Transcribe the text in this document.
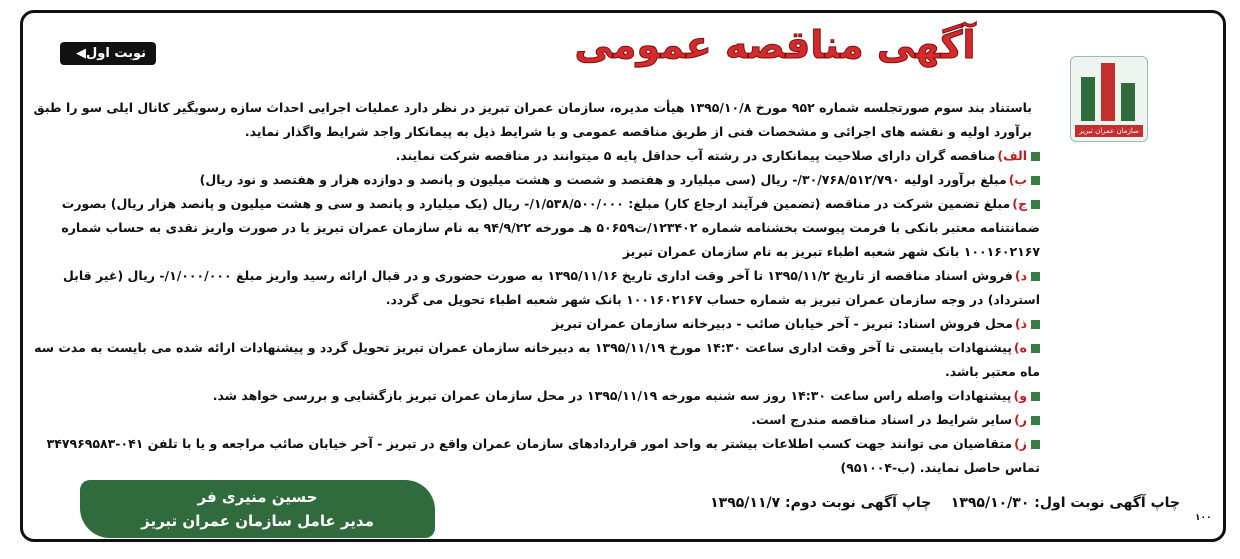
آگهی مناقصه عمومی
نوبت اول◀
سازمان عمران تبریز
باستناد بند سوم صورتجلسه شماره ۹۵۲ مورخ ۱۳۹۵/۱۰/۸ هیأت مدیره، سازمان عمران تبریز در نظر دارد عملیات اجرایی احداث سازه رسوبگیر کانال ایلی سو را طبق برآورد اولیه و نقشه های اجرائی و مشخصات فنی از طریق مناقصه عمومی و با شرایط ذیل به پیمانکار واجد شرایط واگذار نماید.
الف)مناقصه گران دارای صلاحیت پیمانکاری در رشته آب حداقل پایه ۵ میتوانند در مناقصه شرکت نمایند.
ب)مبلغ برآورد اولیه ۳۰/۷۶۸/۵۱۲/۷۹۰/- ریال (سی میلیارد و هفتصد و شصت و هشت میلیون و پانصد و دوازده هزار و هفتصد و نود ریال)
ج)مبلغ تضمین شرکت در مناقصه (تضمین فرآیند ارجاع کار) مبلغ: ۱/۵۳۸/۵۰۰/۰۰۰/- ریال (یک میلیارد و پانصد و سی و هشت میلیون و پانصد هزار ریال) بصورت ضمانتنامه معتبر بانکی با فرمت پیوست بخشنامه شماره ۱۲۳۴۰۲/ت۵۰۶۵۹ هـ مورخه ۹۴/۹/۲۲ به نام سازمان عمران تبریز یا در صورت واریز نقدی به حساب شماره ۱۰۰۱۶۰۲۱۶۷ بانک شهر شعبه اطباء تبریز به نام سازمان عمران تبریز
د)فروش اسناد مناقصه از تاریخ ۱۳۹۵/۱۱/۲ تا آخر وقت اداری تاریخ ۱۳۹۵/۱۱/۱۶ به صورت حضوری و در قبال ارائه رسید واریز مبلغ ۱/۰۰۰/۰۰۰/- ریال (غیر قابل استرداد) در وجه سازمان عمران تبریز به شماره حساب ۱۰۰۱۶۰۲۱۶۷ بانک شهر شعبه اطباء تحویل می گردد.
ذ)محل فروش اسناد: تبریز - آخر خیابان صائب - دبیرخانه سازمان عمران تبریز
ه)پیشنهادات بایستی تا آخر وقت اداری ساعت ۱۴:۳۰ مورخ ۱۳۹۵/۱۱/۱۹ به دبیرخانه سازمان عمران تبریز تحویل گردد و پیشنهادات ارائه شده می بایست به مدت سه ماه معتبر باشد.
و)پیشنهادات واصله راس ساعت ۱۴:۳۰ روز سه شنبه مورخه ۱۳۹۵/۱۱/۱۹ در محل سازمان عمران تبریز بازگشایی و بررسی خواهد شد.
ر)سایر شرایط در اسناد مناقصه مندرج است.
ز)متقاضیان می توانند جهت کسب اطلاعات بیشتر به واحد امور قراردادهای سازمان عمران واقع در تبریز - آخر خیابان صائب مراجعه و یا با تلفن ۰۴۱-۳۴۷۹۶۹۵۸۳ تماس حاصل نمایند. (ب-۹۵۱۰۰۴)
چاپ آگهی نوبت اول: ۱۳۹۵/۱۰/۳۰    چاپ آگهی نوبت دوم: ۱۳۹۵/۱۱/۷
حسین منیری فر
مدیر عامل سازمان عمران تبریز	۱۰۰
